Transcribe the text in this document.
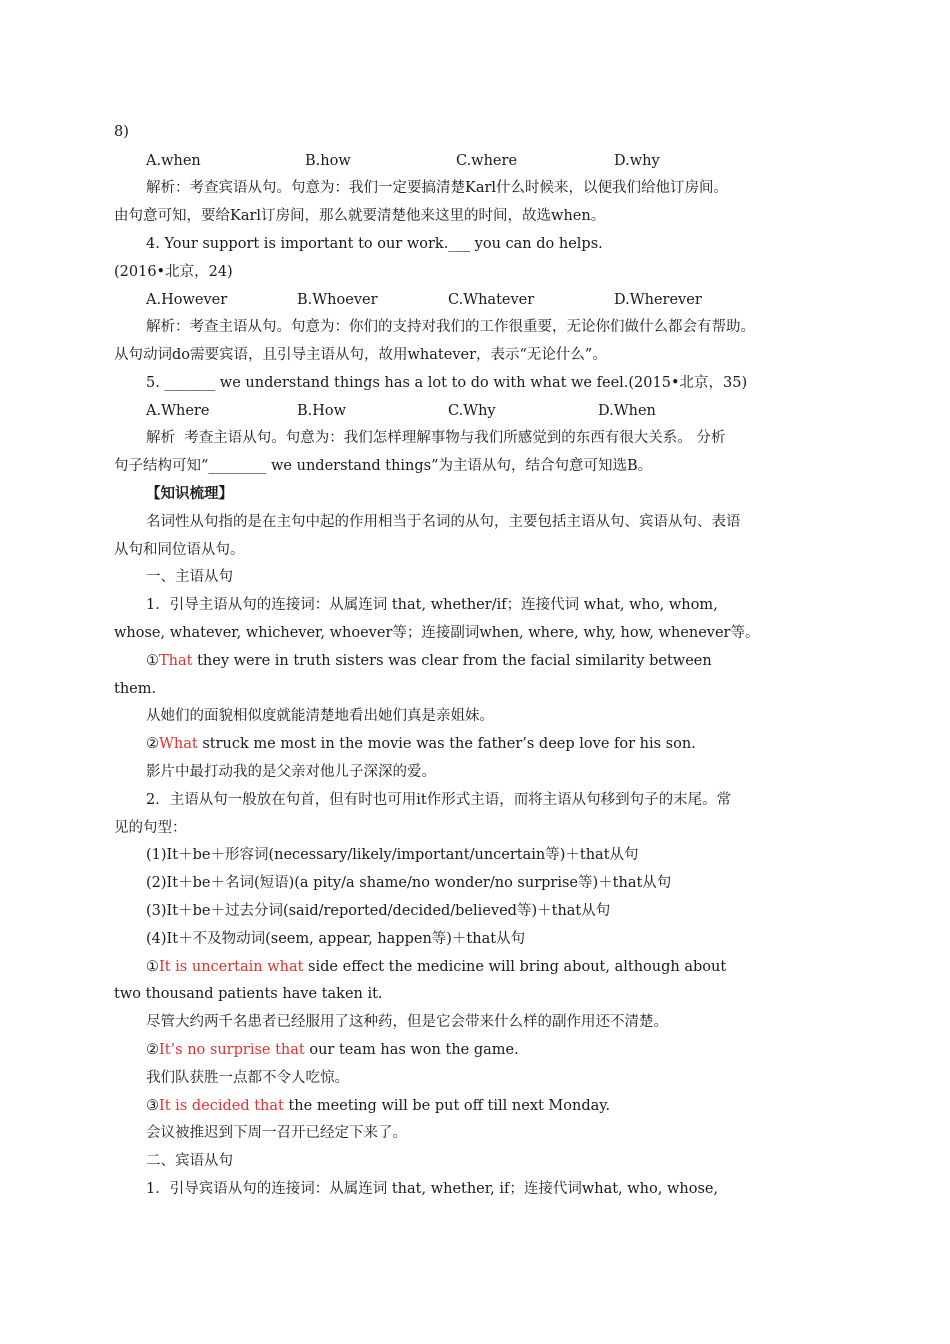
8)
A.when	B.how	C.where	D.why
解析：考查宾语从句。句意为：我们一定要搞清楚Karl什么时候来，以便我们给他订房间。
由句意可知，要给Karl订房间，那么就要清楚他来这里的时间，故选when。
4. Your support is important to our work.___ you can do helps.
(2016•北京，24)
A.However	B.Whoever	C.Whatever	D.Wherever
解析：考查主语从句。句意为：你们的支持对我们的工作很重要，无论你们做什么都会有帮助。
从句动词do需要宾语，且引导主语从句，故用whatever，表示“无论什么”。
5. _______ we understand things has a lot to do with what we feel.(2015•北京，35)
A.Where	B.How	C.Why	D.When
解析  考查主语从句。句意为：我们怎样理解事物与我们所感觉到的东西有很大关系。 分析
句子结构可知“________ we understand things”为主语从句，结合句意可知选B。
【知识梳理】
名词性从句指的是在主句中起的作用相当于名词的从句，主要包括主语从句、宾语从句、表语
从句和同位语从句。
一、主语从句
1．引导主语从句的连接词：从属连词 that, whether/if；连接代词 what, who, whom,
whose, whatever, whichever, whoever等；连接副词when, where, why, how, whenever等。
①That they were in truth sisters was clear from the facial similarity between
them.
从她们的面貌相似度就能清楚地看出她们真是亲姐妹。
②What struck me most in the movie was the father’s deep love for his son.
影片中最打动我的是父亲对他儿子深深的爱。
2．主语从句一般放在句首，但有时也可用it作形式主语，而将主语从句移到句子的末尾。常
见的句型：
(1)It＋be＋形容词(necessary/likely/important/uncertain等)＋that从句
(2)It＋be＋名词(短语)(a pity/a shame/no wonder/no surprise等)＋that从句
(3)It＋be＋过去分词(said/reported/decided/believed等)＋that从句
(4)It＋不及物动词(seem, appear, happen等)＋that从句
①It is uncertain what side effect the medicine will bring about, although about
two thousand patients have taken it.
尽管大约两千名患者已经服用了这种药，但是它会带来什么样的副作用还不清楚。
②It’s no surprise that our team has won the game.
我们队获胜一点都不令人吃惊。
③It is decided that the meeting will be put off till next Monday.
会议被推迟到下周一召开已经定下来了。
二、宾语从句
1．引导宾语从句的连接词：从属连词 that, whether, if；连接代词what, who, whose,
